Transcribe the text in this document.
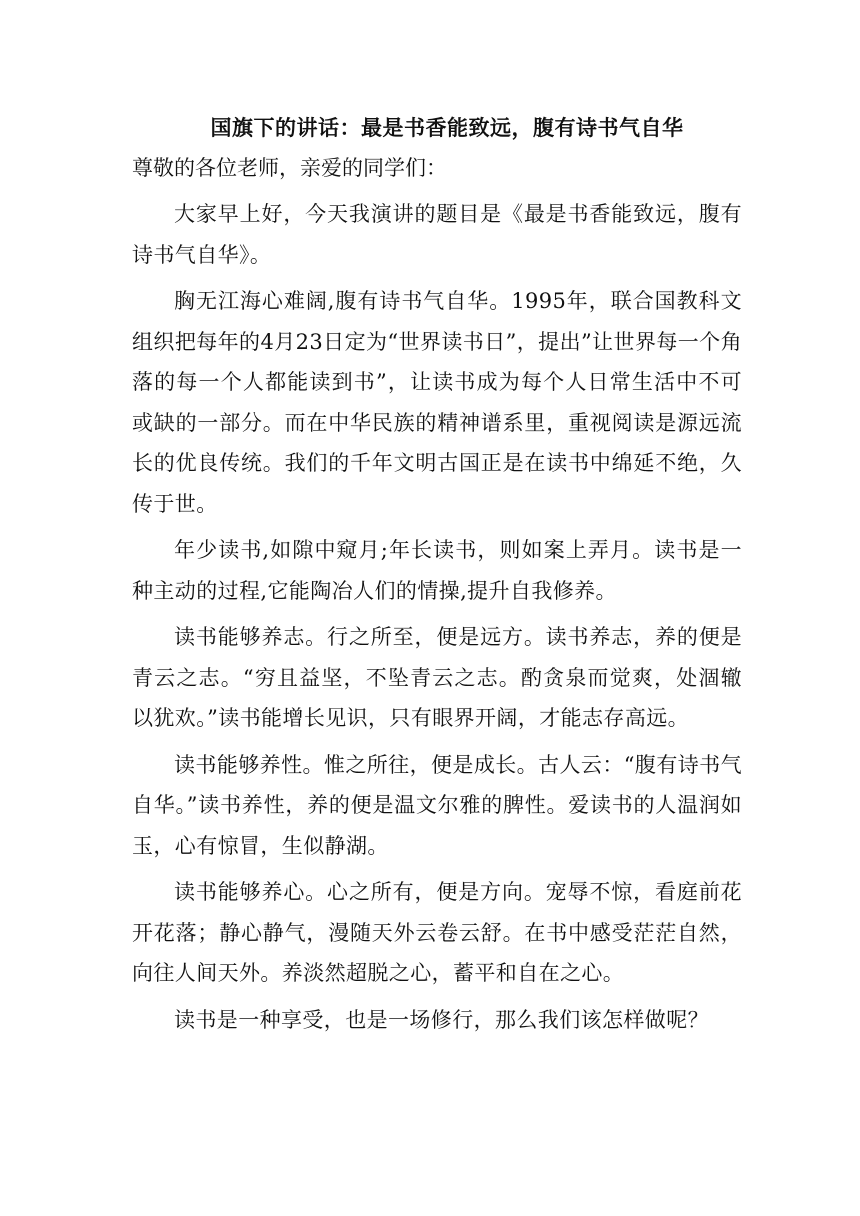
国旗下的讲话：最是书香能致远，腹有诗书气自华

尊敬的各位老师，亲爱的同学们：

大家早上好，今天我演讲的题目是《最是书香能致远，腹有诗书气自华》。

胸无江海心难阔,腹有诗书气自华。1995年，联合国教科文组织把每年的4月23日定为“世界读书日”，提出”让世界每一个角落的每一个人都能读到书”，让读书成为每个人日常生活中不可或缺的一部分。而在中华民族的精神谱系里，重视阅读是源远流长的优良传统。我们的千年文明古国正是在读书中绵延不绝，久传于世。

年少读书,如隙中窥月;年长读书，则如案上弄月。读书是一种主动的过程,它能陶冶人们的情操,提升自我修养。

读书能够养志。行之所至，便是远方。读书养志，养的便是青云之志。“穷且益坚，不坠青云之志。酌贪泉而觉爽，处涸辙以犹欢。”读书能增长见识，只有眼界开阔，才能志存高远。

读书能够养性。惟之所往，便是成长。古人云：“腹有诗书气自华。”读书养性，养的便是温文尔雅的脾性。爱读书的人温润如玉，心有惊冒，生似静湖。

读书能够养心。心之所有，便是方向。宠辱不惊，看庭前花开花落；静心静气，漫随天外云卷云舒。在书中感受茫茫自然，向往人间天外。养淡然超脱之心，蓄平和自在之心。

读书是一种享受，也是一场修行，那么我们该怎样做呢？
